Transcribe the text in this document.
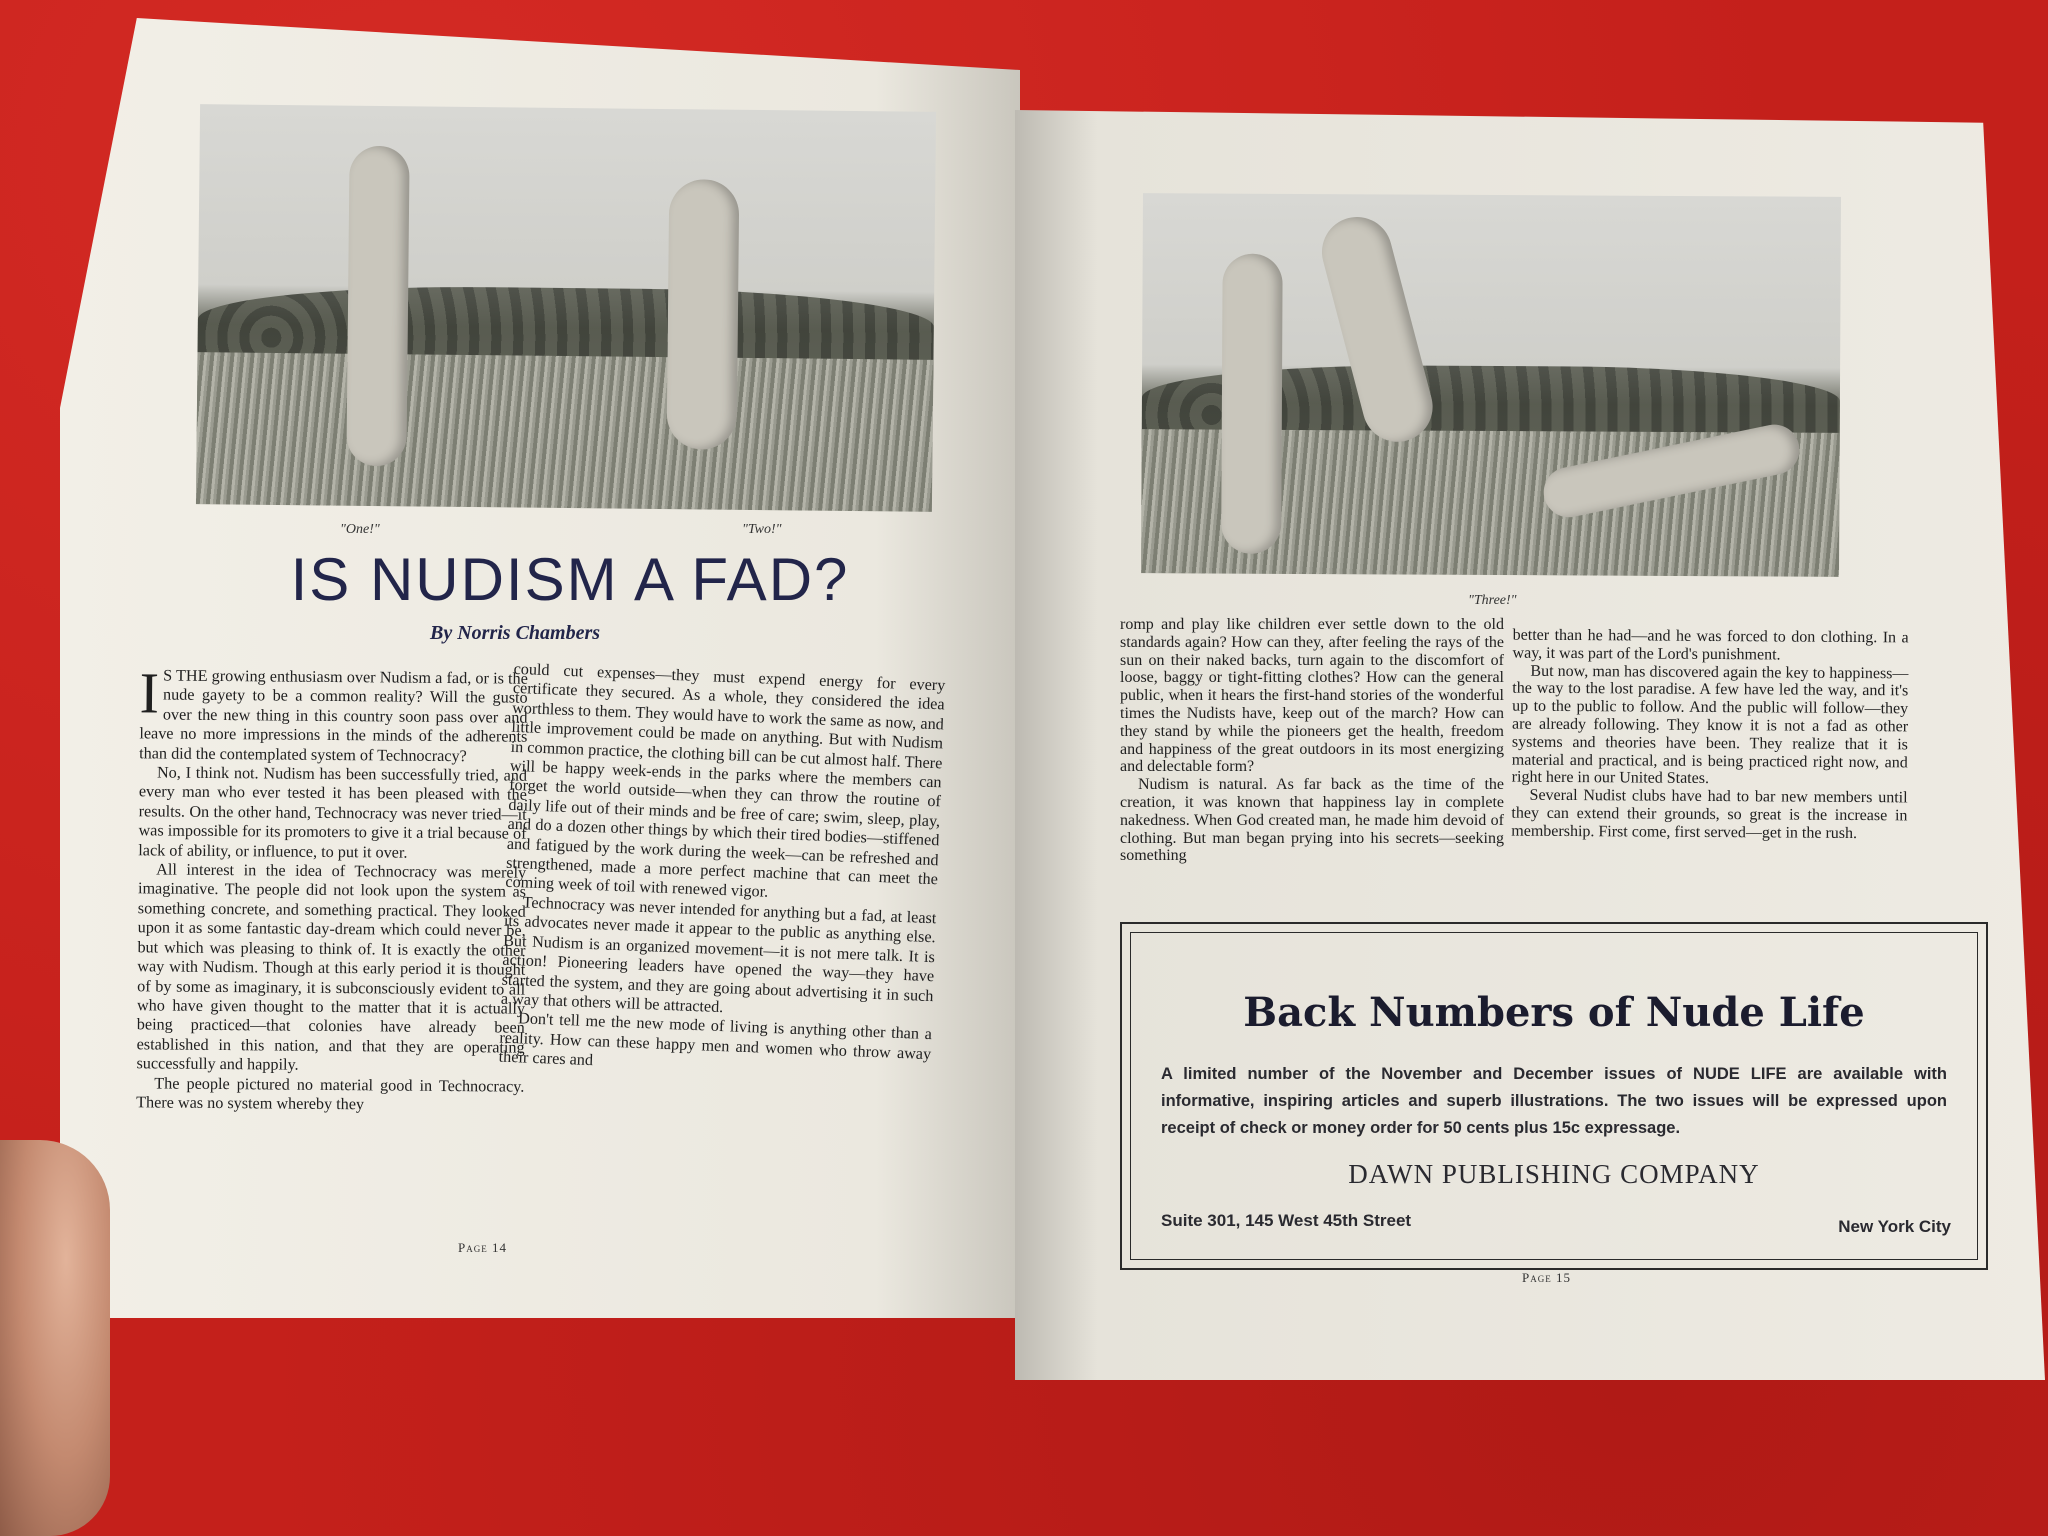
"One!"	"Two!"
IS NUDISM A FAD?
By Norris Chambers

I S THE growing enthusiasm over Nudism a fad, or is the nude gayety to be a common reality? Will the gusto over the new thing in this country soon pass over and leave no more impressions in the minds of the adherents than did the contemplated system of Technocracy?

No, I think not. Nudism has been successfully tried, and every man who ever tested it has been pleased with the results. On the other hand, Technocracy was never tried—it was impossible for its promoters to give it a trial because of lack of ability, or influence, to put it over.

All interest in the idea of Technocracy was merely imaginative. The people did not look upon the system as something concrete, and something practical. They looked upon it as some fantastic day-dream which could never be, but which was pleasing to think of. It is exactly the other way with Nudism. Though at this early period it is thought of by some as imaginary, it is subconsciously evident to all who have given thought to the matter that it is actually being practiced—that colonies have already been established in this nation, and that they are operating successfully and happily.

The people pictured no material good in Technocracy. There was no system whereby they

could cut expenses—they must expend energy for every certificate they secured. As a whole, they considered the idea worthless to them. They would have to work the same as now, and little improvement could be made on anything. But with Nudism in common practice, the clothing bill can be cut almost half. There will be happy week-ends in the parks where the members can forget the world outside—when they can throw the routine of daily life out of their minds and be free of care; swim, sleep, play, and do a dozen other things by which their tired bodies—stiffened and fatigued by the work during the week—can be refreshed and strengthened, made a more perfect machine that can meet the coming week of toil with renewed vigor.

Technocracy was never intended for anything but a fad, at least its advocates never made it appear to the public as anything else. But Nudism is an organized movement—it is not mere talk. It is action! Pioneering leaders have opened the way—they have started the system, and they are going about advertising it in such a way that others will be attracted.

Don't tell me the new mode of living is anything other than a reality. How can these happy men and women who throw away their cares and

Page 14
"Three!"

romp and play like children ever settle down to the old standards again? How can they, after feeling the rays of the sun on their naked backs, turn again to the discomfort of loose, baggy or tight-fitting clothes? How can the general public, when it hears the first-hand stories of the wonderful times the Nudists have, keep out of the march? How can they stand by while the pioneers get the health, freedom and happiness of the great outdoors in its most energizing and delectable form?

Nudism is natural. As far back as the time of the creation, it was known that happiness lay in complete nakedness. When God created man, he made him devoid of clothing. But man began prying into his secrets—seeking something

better than he had—and he was forced to don clothing. In a way, it was part of the Lord's punishment.

But now, man has discovered again the key to happiness—the way to the lost paradise. A few have led the way, and it's up to the public to follow. And the public will follow—they are already following. They know it is not a fad as other systems and theories have been. They realize that it is material and practical, and is being practiced right now, and right here in our United States.

Several Nudist clubs have had to bar new members until they can extend their grounds, so great is the increase in membership. First come, first served—get in the rush.

Back Numbers of Nude Life
A limited number of the November and December issues of NUDE LIFE are available with informative, inspiring articles and superb illustrations. The two issues will be expressed upon receipt of check or money order for 50 cents plus 15c expressage.
DAWN PUBLISHING COMPANY
Suite 301, 145 West 45th Street	New York City
Page 15
